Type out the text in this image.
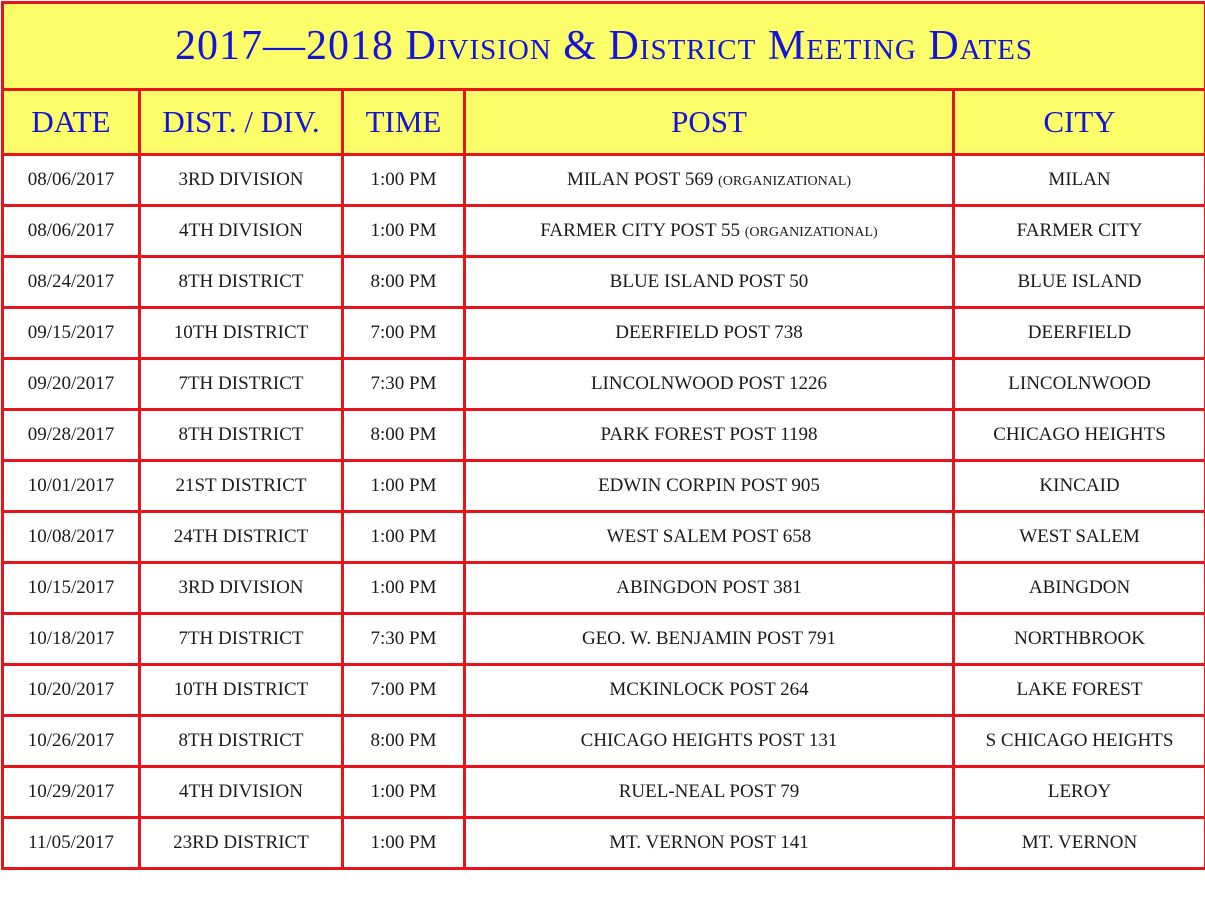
2017—2018 Division & District Meeting Dates				
DATE	DIST. / DIV.	TIME	POST	CITY
08/06/2017	3RD DIVISION	1:00 PM	MILAN POST 569 (ORGANIZATIONAL)	MILAN
08/06/2017	4TH DIVISION	1:00 PM	FARMER CITY POST 55 (ORGANIZATIONAL)	FARMER CITY
08/24/2017	8TH DISTRICT	8:00 PM	BLUE ISLAND POST 50	BLUE ISLAND
09/15/2017	10TH DISTRICT	7:00 PM	DEERFIELD POST 738	DEERFIELD
09/20/2017	7TH DISTRICT	7:30 PM	LINCOLNWOOD POST 1226	LINCOLNWOOD
09/28/2017	8TH DISTRICT	8:00 PM	PARK FOREST POST 1198	CHICAGO HEIGHTS
10/01/2017	21ST DISTRICT	1:00 PM	EDWIN CORPIN POST 905	KINCAID
10/08/2017	24TH DISTRICT	1:00 PM	WEST SALEM POST 658	WEST SALEM
10/15/2017	3RD DIVISION	1:00 PM	ABINGDON POST 381	ABINGDON
10/18/2017	7TH DISTRICT	7:30 PM	GEO. W. BENJAMIN POST 791	NORTHBROOK
10/20/2017	10TH DISTRICT	7:00 PM	MCKINLOCK POST 264	LAKE FOREST
10/26/2017	8TH DISTRICT	8:00 PM	CHICAGO HEIGHTS POST 131	S CHICAGO HEIGHTS
10/29/2017	4TH DIVISION	1:00 PM	RUEL-NEAL POST 79	LEROY
11/05/2017	23RD DISTRICT	1:00 PM	MT. VERNON POST 141	MT. VERNON
